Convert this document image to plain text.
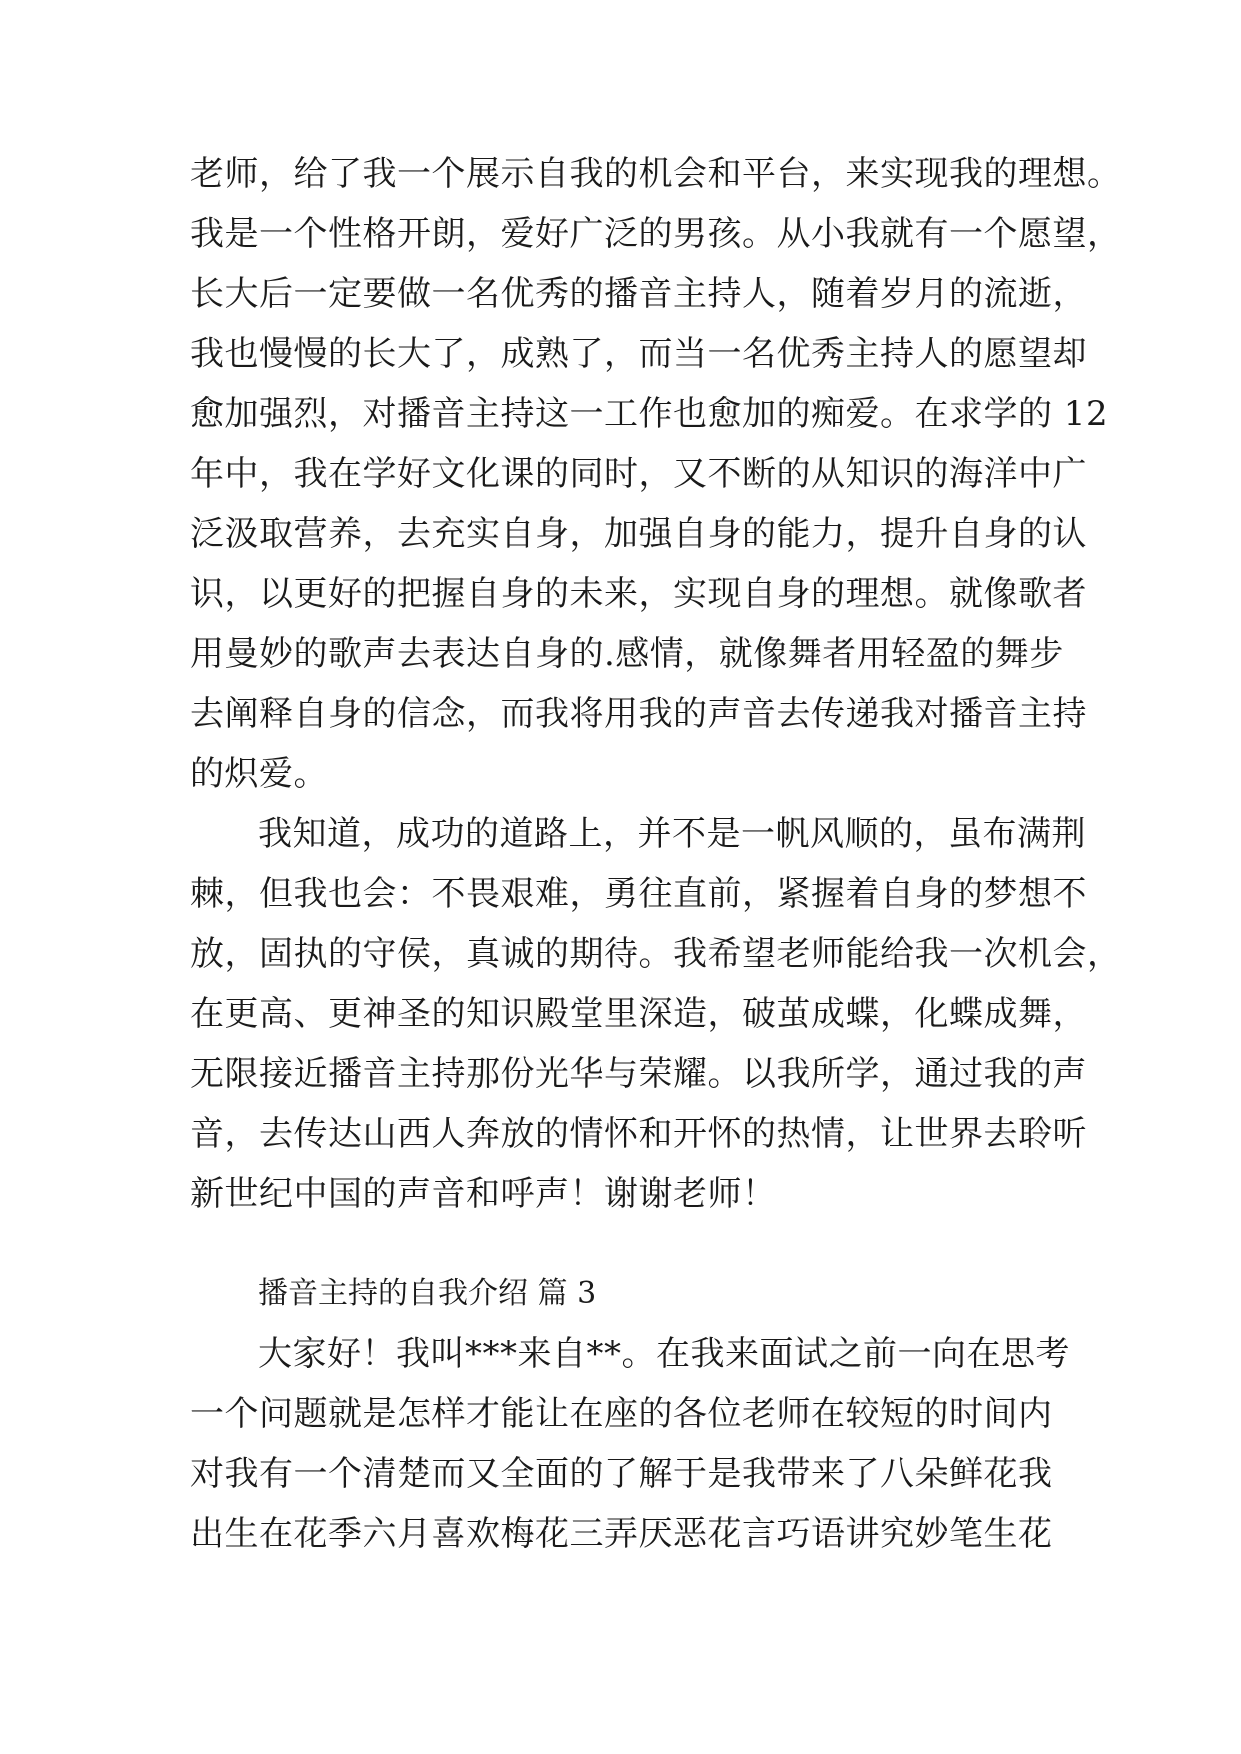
老师，给了我一个展示自我的机会和平台，来实现我的理想。
我是一个性格开朗，爱好广泛的男孩。从小我就有一个愿望，
长大后一定要做一名优秀的播音主持人，随着岁月的流逝，
我也慢慢的长大了，成熟了，而当一名优秀主持人的愿望却
愈加强烈，对播音主持这一工作也愈加的痴爱。在求学的 12
年中，我在学好文化课的同时，又不断的从知识的海洋中广
泛汲取营养，去充实自身，加强自身的能力，提升自身的认
识，以更好的把握自身的未来，实现自身的理想。就像歌者
用曼妙的歌声去表达自身的.感情，就像舞者用轻盈的舞步
去阐释自身的信念，而我将用我的声音去传递我对播音主持
的炽爱。
我知道，成功的道路上，并不是一帆风顺的，虽布满荆
棘，但我也会：不畏艰难，勇往直前，紧握着自身的梦想不
放，固执的守侯，真诚的期待。我希望老师能给我一次机会，
在更高、更神圣的知识殿堂里深造，破茧成蝶，化蝶成舞，
无限接近播音主持那份光华与荣耀。以我所学，通过我的声
音，去传达山西人奔放的情怀和开怀的热情，让世界去聆听
新世纪中国的声音和呼声！谢谢老师！
播音主持的自我介绍 篇 3
大家好！我叫***来自**。在我来面试之前一向在思考
一个问题就是怎样才能让在座的各位老师在较短的时间内
对我有一个清楚而又全面的了解于是我带来了八朵鲜花我
出生在花季六月喜欢梅花三弄厌恶花言巧语讲究妙笔生花
